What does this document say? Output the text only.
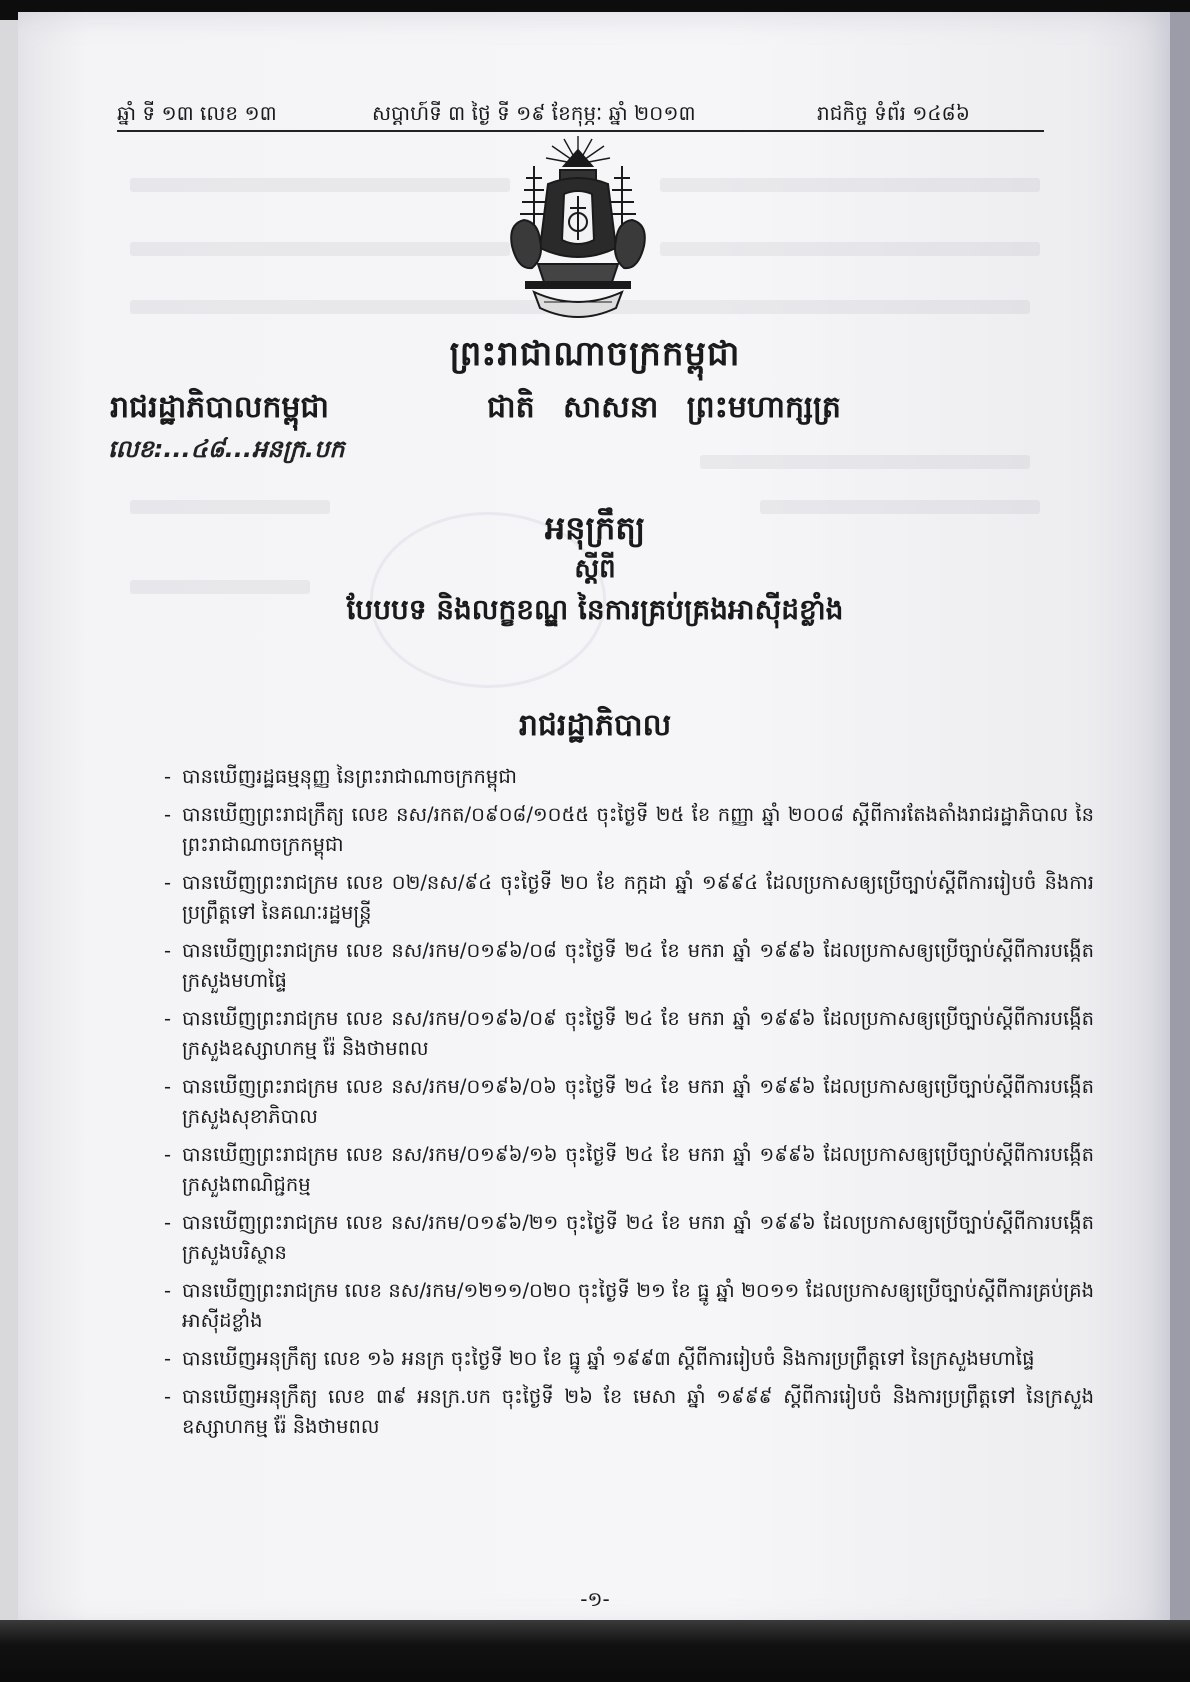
ឆ្នាំ ទី ១៣ លេខ ១៣	សប្តាហ៍ទី ៣ ថ្ងៃ ទី ១៩ ខែកុម្ភៈ ឆ្នាំ ២០១៣	រាជកិច្ច ទំព័រ ១៤៨៦
ព្រះរាជាណាចក្រកម្ពុជា
រាជរដ្ឋាភិបាលកម្ពុជា	ជាតិ សាសនា ព្រះមហាក្សត្រ
លេខ:...៤៨...អនក្រ.បក

អនុក្រឹត្យ
ស្តីពី
បែបបទ និងលក្ខខណ្ឌ នៃការគ្រប់គ្រងអាស៊ីដខ្លាំង
រាជរដ្ឋាភិបាល
- បានឃើញរដ្ឋធម្មនុញ្ញ នៃព្រះរាជាណាចក្រកម្ពុជា
- បានឃើញព្រះរាជក្រឹត្យ លេខ នស/រកត/០៩០៨/១០៥៥ ចុះថ្ងៃទី ២៥ ខែ កញ្ញា ឆ្នាំ ២០០៨ ស្តីពីការតែងតាំងរាជរដ្ឋាភិបាល នៃព្រះរាជាណាចក្រកម្ពុជា
- បានឃើញព្រះរាជក្រម លេខ ០២/នស/៩៤ ចុះថ្ងៃទី ២០ ខែ កក្កដា ឆ្នាំ ១៩៩៤ ដែលប្រកាសឲ្យប្រើច្បាប់ស្តីពីការរៀបចំ និងការប្រព្រឹត្តទៅ នៃគណៈរដ្ឋមន្ត្រី
- បានឃើញព្រះរាជក្រម លេខ នស/រកម/០១៩៦/០៨ ចុះថ្ងៃទី ២៤ ខែ មករា ឆ្នាំ ១៩៩៦ ដែលប្រកាសឲ្យប្រើច្បាប់ស្តីពីការបង្កើតក្រសួងមហាផ្ទៃ
- បានឃើញព្រះរាជក្រម លេខ នស/រកម/០១៩៦/០៩ ចុះថ្ងៃទី ២៤ ខែ មករា ឆ្នាំ ១៩៩៦ ដែលប្រកាសឲ្យប្រើច្បាប់ស្តីពីការបង្កើតក្រសួងឧស្សាហកម្ម រ៉ែ និងថាមពល
- បានឃើញព្រះរាជក្រម លេខ នស/រកម/០១៩៦/០៦ ចុះថ្ងៃទី ២៤ ខែ មករា ឆ្នាំ ១៩៩៦ ដែលប្រកាសឲ្យប្រើច្បាប់ស្តីពីការបង្កើតក្រសួងសុខាភិបាល
- បានឃើញព្រះរាជក្រម លេខ នស/រកម/០១៩៦/១៦ ចុះថ្ងៃទី ២៤ ខែ មករា ឆ្នាំ ១៩៩៦ ដែលប្រកាសឲ្យប្រើច្បាប់ស្តីពីការបង្កើតក្រសួងពាណិជ្ជកម្ម
- បានឃើញព្រះរាជក្រម លេខ នស/រកម/០១៩៦/២១ ចុះថ្ងៃទី ២៤ ខែ មករា ឆ្នាំ ១៩៩៦ ដែលប្រកាសឲ្យប្រើច្បាប់ស្តីពីការបង្កើតក្រសួងបរិស្ថាន
- បានឃើញព្រះរាជក្រម លេខ នស/រកម/១២១១/០២០ ចុះថ្ងៃទី ២១ ខែ ធ្នូ ឆ្នាំ ២០១១ ដែលប្រកាសឲ្យប្រើច្បាប់ស្តីពីការគ្រប់គ្រងអាស៊ីដខ្លាំង
- បានឃើញអនុក្រឹត្យ លេខ ១៦ អនក្រ ចុះថ្ងៃទី ២០ ខែ ធ្នូ ឆ្នាំ ១៩៩៣ ស្តីពីការរៀបចំ និងការប្រព្រឹត្តទៅ នៃក្រសួងមហាផ្ទៃ
- បានឃើញអនុក្រឹត្យ លេខ ៣៩ អនក្រ.បក ចុះថ្ងៃទី ២៦ ខែ មេសា ឆ្នាំ ១៩៩៩ ស្តីពីការរៀបចំ និងការប្រព្រឹត្តទៅ នៃក្រសួងឧស្សាហកម្ម រ៉ែ និងថាមពល
-១-
